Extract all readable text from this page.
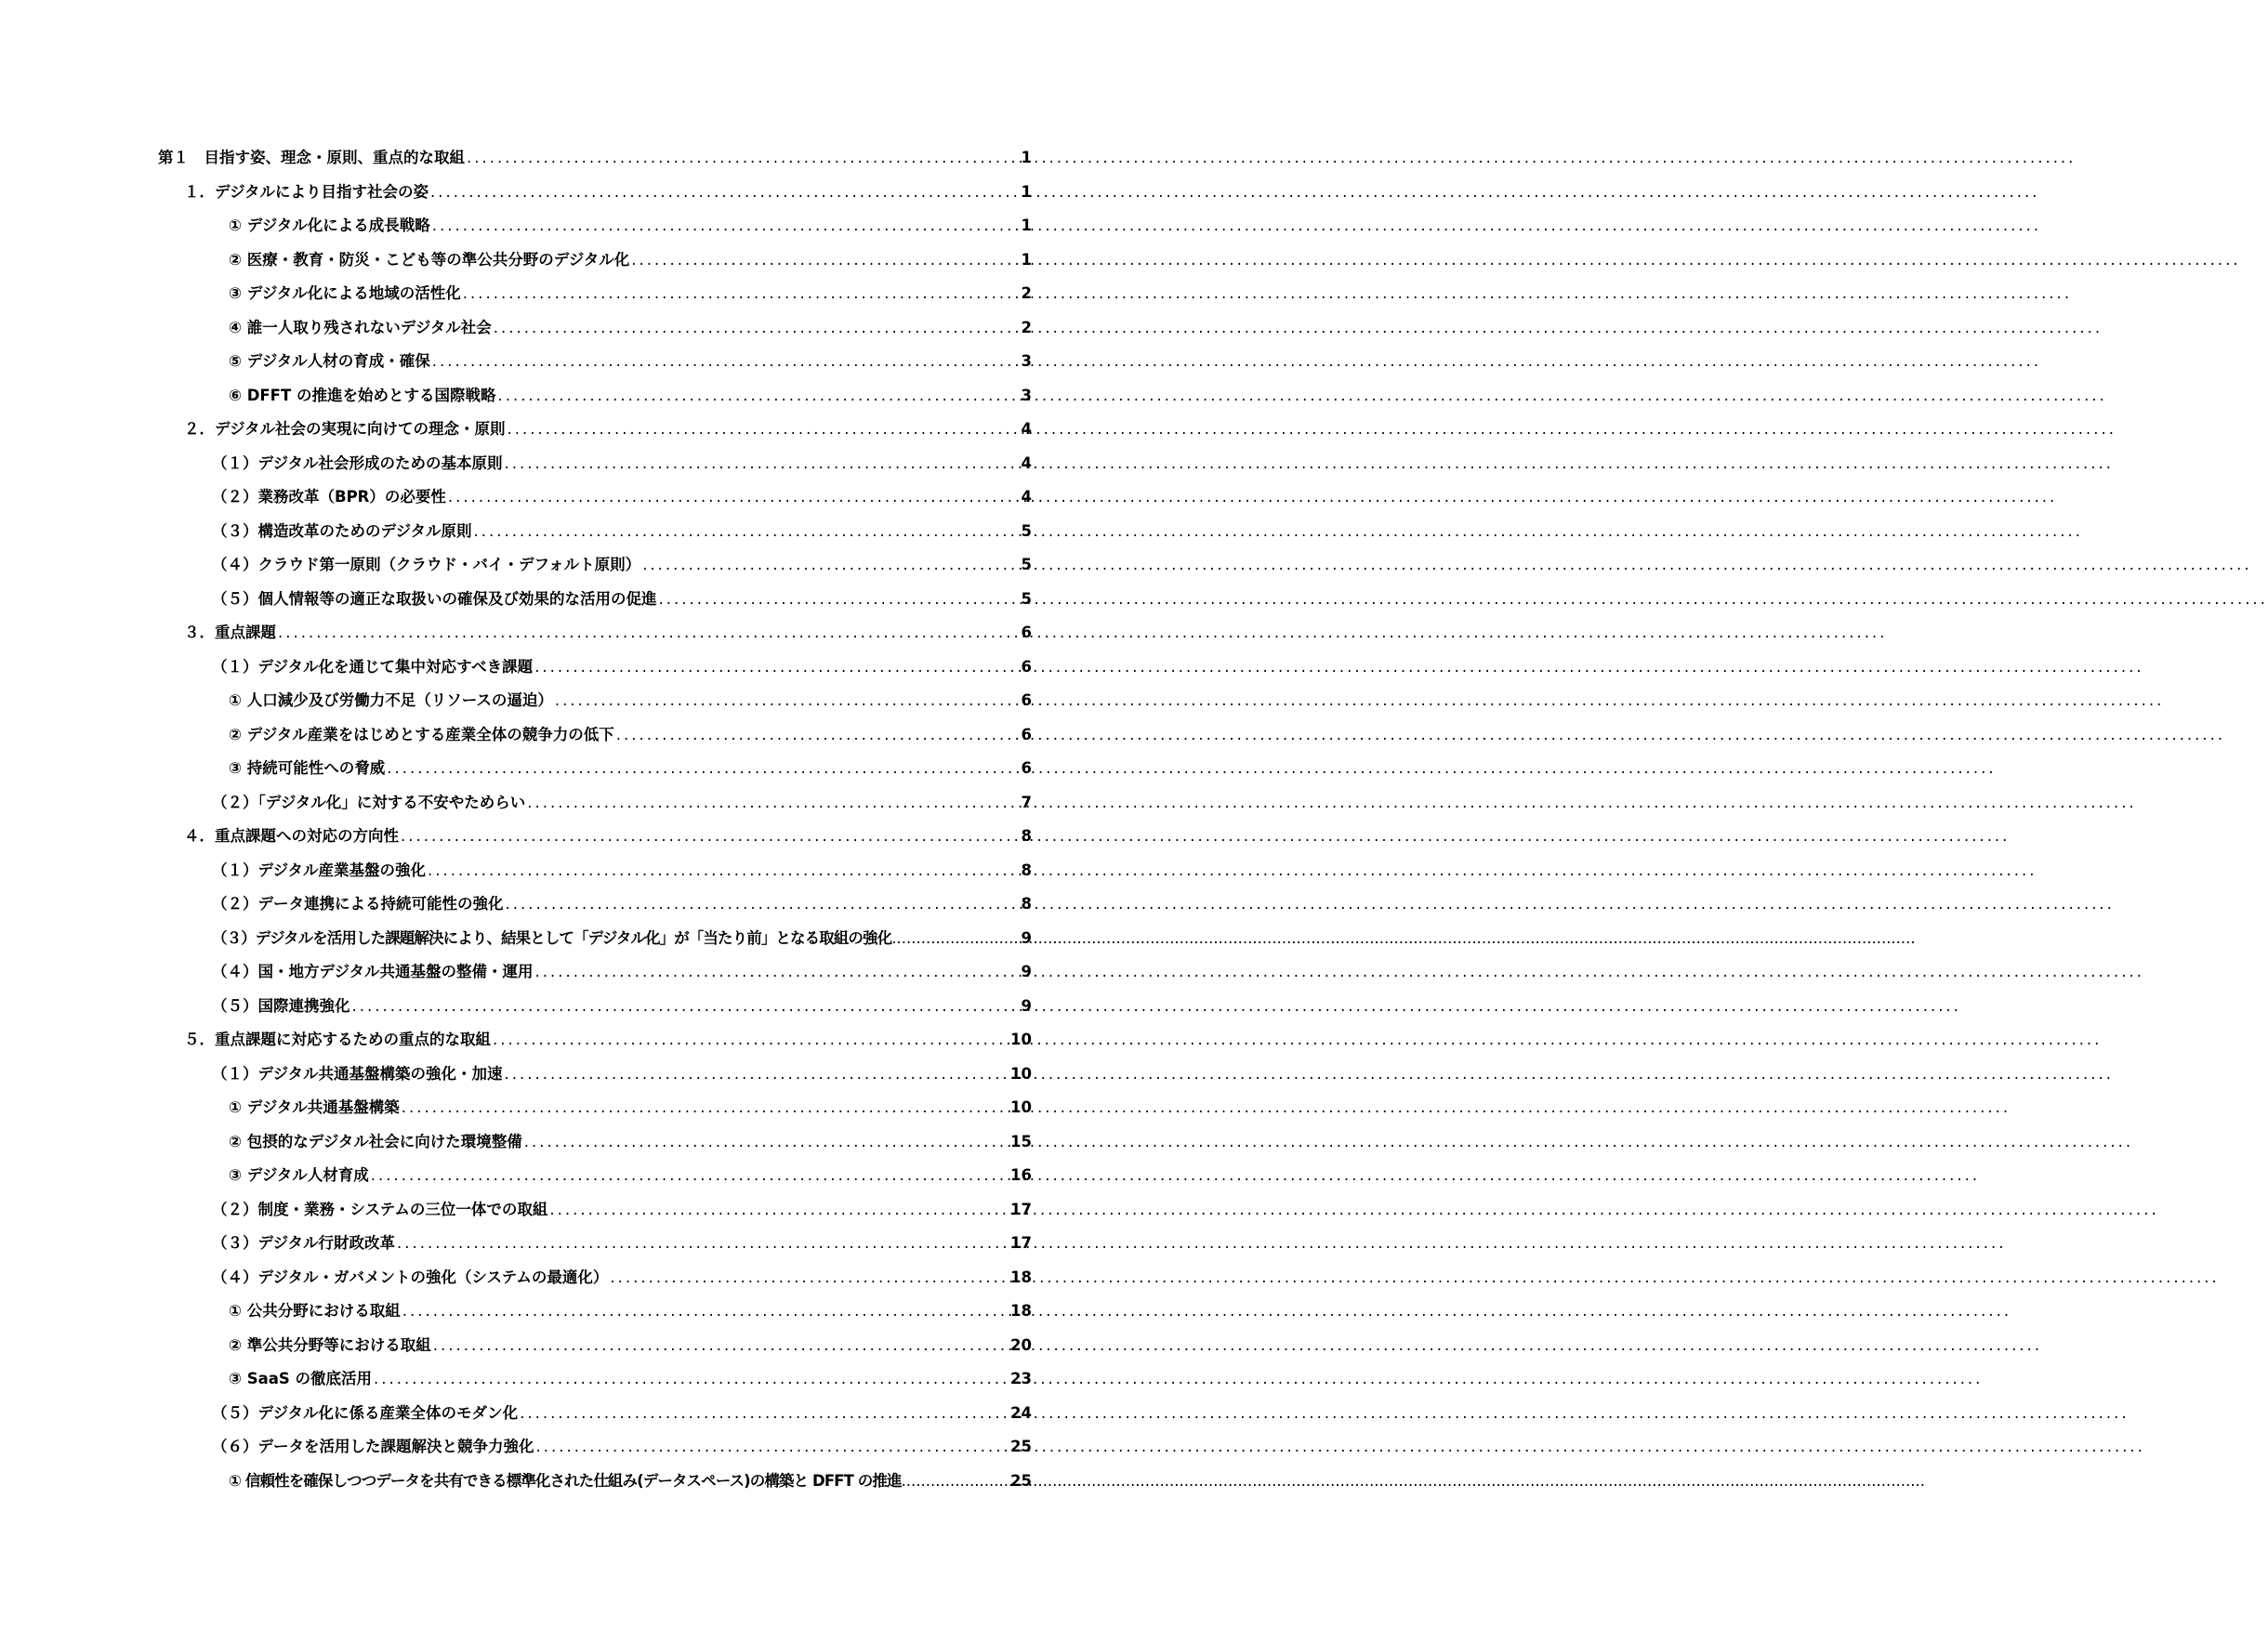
第１　目指す姿、理念・原則、重点的な取組 .....	1
１．デジタルにより目指す社会の姿 .....	1
① デジタル化による成長戦略 .....	1
② 医療・教育・防災・こども等の準公共分野のデジタル化 .....	1
③ デジタル化による地域の活性化 .....	2
④ 誰一人取り残されないデジタル社会 .....	2
⑤ デジタル人材の育成・確保 .....	3
⑥ DFFT の推進を始めとする国際戦略 .....	3
２．デジタル社会の実現に向けての理念・原則 .....	4
（１）デジタル社会形成のための基本原則 .....	4
（２）業務改革（BPR）の必要性 .....	4
（３）構造改革のためのデジタル原則 .....	5
（４）クラウド第一原則（クラウド・バイ・デフォルト原則） .....	5
（５）個人情報等の適正な取扱いの確保及び効果的な活用の促進 .....	5
３．重点課題 .....	6
（１）デジタル化を通じて集中対応すべき課題 .....	6
① 人口減少及び労働力不足（リソースの逼迫） .....	6
② デジタル産業をはじめとする産業全体の競争力の低下 .....	6
③ 持続可能性への脅威 .....	6
（２）「デジタル化」に対する不安やためらい .....	7
４．重点課題への対応の方向性 .....	8
（１）デジタル産業基盤の強化 .....	8
（２）データ連携による持続可能性の強化 .....	8
（３）デジタルを活用した課題解決により、結果として「デジタル化」が「当たり前」となる取組の強化 .....	9
（４）国・地方デジタル共通基盤の整備・運用 .....	9
（５）国際連携強化 .....	9
５．重点課題に対応するための重点的な取組 .....	10
（１）デジタル共通基盤構築の強化・加速 .....	10
① デジタル共通基盤構築 .....	10
② 包摂的なデジタル社会に向けた環境整備 .....	15
③ デジタル人材育成 .....	16
（２）制度・業務・システムの三位一体での取組 .....	17
（３）デジタル行財政改革 .....	17
（４）デジタル・ガバメントの強化（システムの最適化） .....	18
① 公共分野における取組 .....	18
② 準公共分野等における取組 .....	20
③ SaaS の徹底活用 .....	23
（５）デジタル化に係る産業全体のモダン化 .....	24
（６）データを活用した課題解決と競争力強化 .....	25
① 信頼性を確保しつつデータを共有できる標準化された仕組み(データスペース)の構築と DFFT の推進 .....	25
